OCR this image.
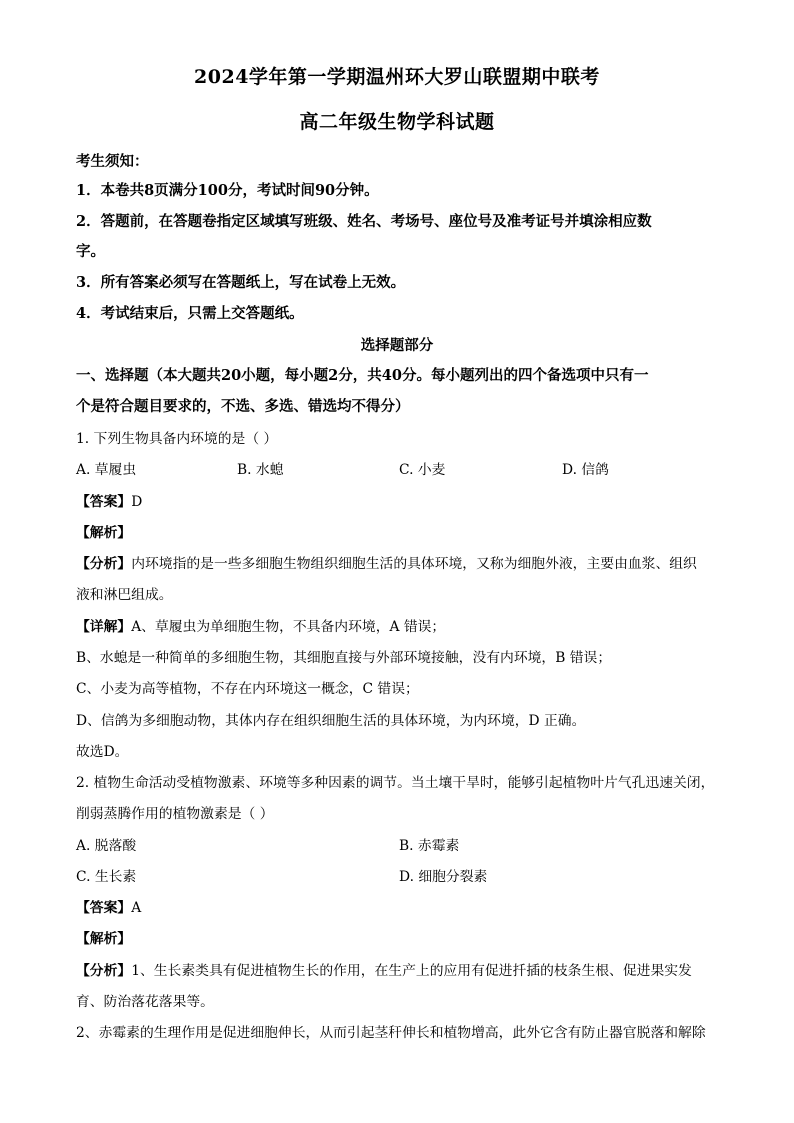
2024学年第一学期温州环大罗山联盟期中联考
高二年级生物学科试题
考生须知：
1．本卷共8页满分100分，考试时间90分钟。
2．答题前，在答题卷指定区域填写班级、姓名、考场号、座位号及准考证号并填涂相应数
字。
3．所有答案必须写在答题纸上，写在试卷上无效。
4．考试结束后，只需上交答题纸。
选择题部分
一、选择题（本大题共20小题，每小题2分，共40分。每小题列出的四个备选项中只有一
个是符合题目要求的，不选、多选、错选均不得分）
1. 下列生物具备内环境的是（ ）
A. 草履虫	B. 水螅	C. 小麦	D. 信鸽
【答案】D
【解析】
【分析】内环境指的是一些多细胞生物组织细胞生活的具体环境，又称为细胞外液，主要由血浆、组织
液和淋巴组成。
【详解】A、草履虫为单细胞生物，不具备内环境，A 错误；
B、水螅是一种简单的多细胞生物，其细胞直接与外部环境接触，没有内环境，B 错误；
C、小麦为高等植物，不存在内环境这一概念，C 错误；
D、信鸽为多细胞动物，其体内存在组织细胞生活的具体环境，为内环境，D 正确。
故选D。
2. 植物生命活动受植物激素、环境等多种因素的调节。当土壤干旱时，能够引起植物叶片气孔迅速关闭，
削弱蒸腾作用的植物激素是（ ）
A. 脱落酸	B. 赤霉素
C. 生长素	D. 细胞分裂素
【答案】A
【解析】
【分析】1、生长素类具有促进植物生长的作用，在生产上的应用有促进扦插的枝条生根、促进果实发
育、防治落花落果等。
2、赤霉素的生理作用是促进细胞伸长，从而引起茎秆伸长和植物增高，此外它含有防止器官脱落和解除
